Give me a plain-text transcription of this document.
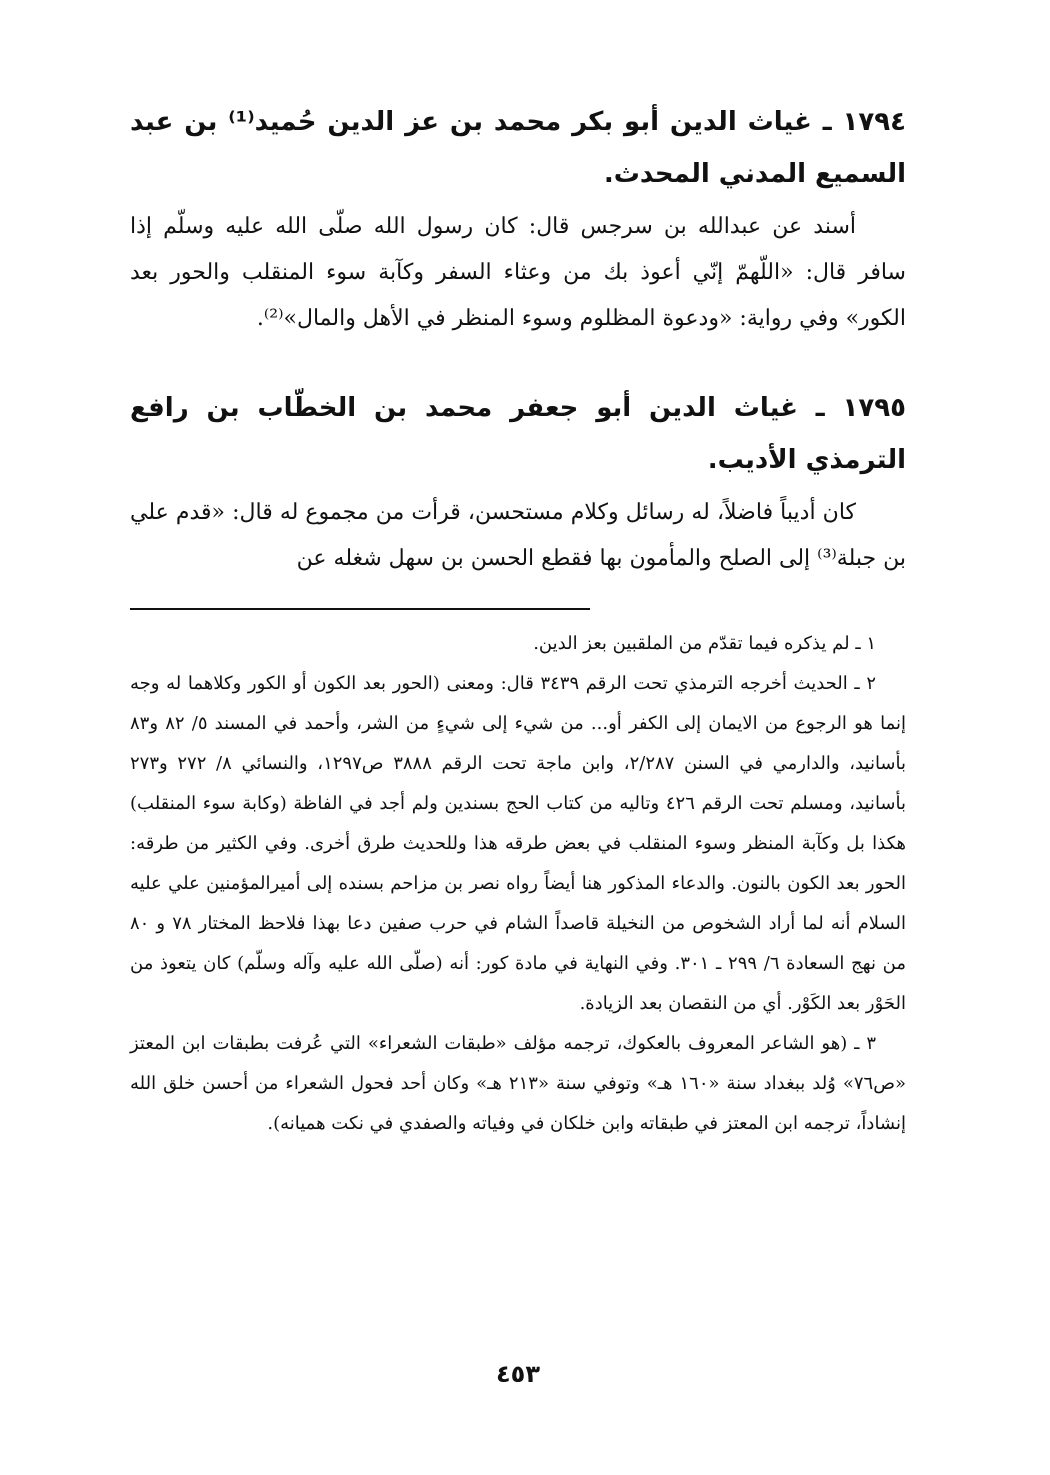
١٧٩٤ ـ غياث الدين أبو بكر محمد بن عز الدين حُميد⁽¹⁾ بن عبد السميع المدني المحدث.

أسند عن عبدالله بن سرجس قال: كان رسول الله صلّى الله عليه وسلّم إذا سافر قال: «اللّهمّ إنّي أعوذ بك من وعثاء السفر وكآبة سوء المنقلب والحور بعد الكور» وفي رواية: «ودعوة المظلوم وسوء المنظر في الأهل والمال»⁽²⁾.

١٧٩٥ ـ غياث الدين أبو جعفر محمد بن الخطّاب بن رافع الترمذي الأديب.

كان أديباً فاضلاً، له رسائل وكلام مستحسن، قرأت من مجموع له قال: «قدم علي بن جبلة⁽³⁾ إلى الصلح والمأمون بها فقطع الحسن بن سهل شغله عن

١ ـ لم يذكره فيما تقدّم من الملقبين بعز الدين.

٢ ـ الحديث أخرجه الترمذي تحت الرقم ٣٤٣٩ قال: ومعنى (الحور بعد الكون أو الكور وكلاهما له وجه إنما هو الرجوع من الايمان إلى الكفر أو... من شيء إلى شيءٍ من الشر، وأحمد في المسند ٥/ ٨٢ و٨٣ بأسانيد، والدارمي في السنن ٢/٢٨٧، وابن ماجة تحت الرقم ٣٨٨٨ ص١٢٩٧، والنسائي ٨/ ٢٧٢ و٢٧٣ بأسانيد، ومسلم تحت الرقم ٤٢٦ وتاليه من كتاب الحج بسندين ولم أجد في الفاظة (وكابة سوء المنقلب) هكذا بل وكآبة المنظر وسوء المنقلب في بعض طرقه هذا وللحديث طرق أخرى. وفي الكثير من طرقه: الحور بعد الكون بالنون. والدعاء المذكور هنا أيضاً رواه نصر بن مزاحم بسنده إلى أميرالمؤمنين علي عليه السلام أنه لما أراد الشخوص من النخيلة قاصداً الشام في حرب صفين دعا بهذا فلاحظ المختار ٧٨ و ٨٠ من نهج السعادة ٦/ ٢٩٩ ـ ٣٠١. وفي النهاية في مادة كور: أنه (صلّى الله عليه وآله وسلّم) كان يتعوذ من الحَوْر بعد الكَوْر. أي من النقصان بعد الزيادة.

٣ ـ (هو الشاعر المعروف بالعكوك، ترجمه مؤلف «طبقات الشعراء» التي عُرفت بطبقات ابن المعتز «ص٧٦» وُلد ببغداد سنة «١٦٠ هـ» وتوفي سنة «٢١٣ هـ» وكان أحد فحول الشعراء من أحسن خلق الله إنشاداً، ترجمه ابن المعتز في طبقاته وابن خلكان في وفياته والصفدي في نكت هميانه).

٤٥٣
